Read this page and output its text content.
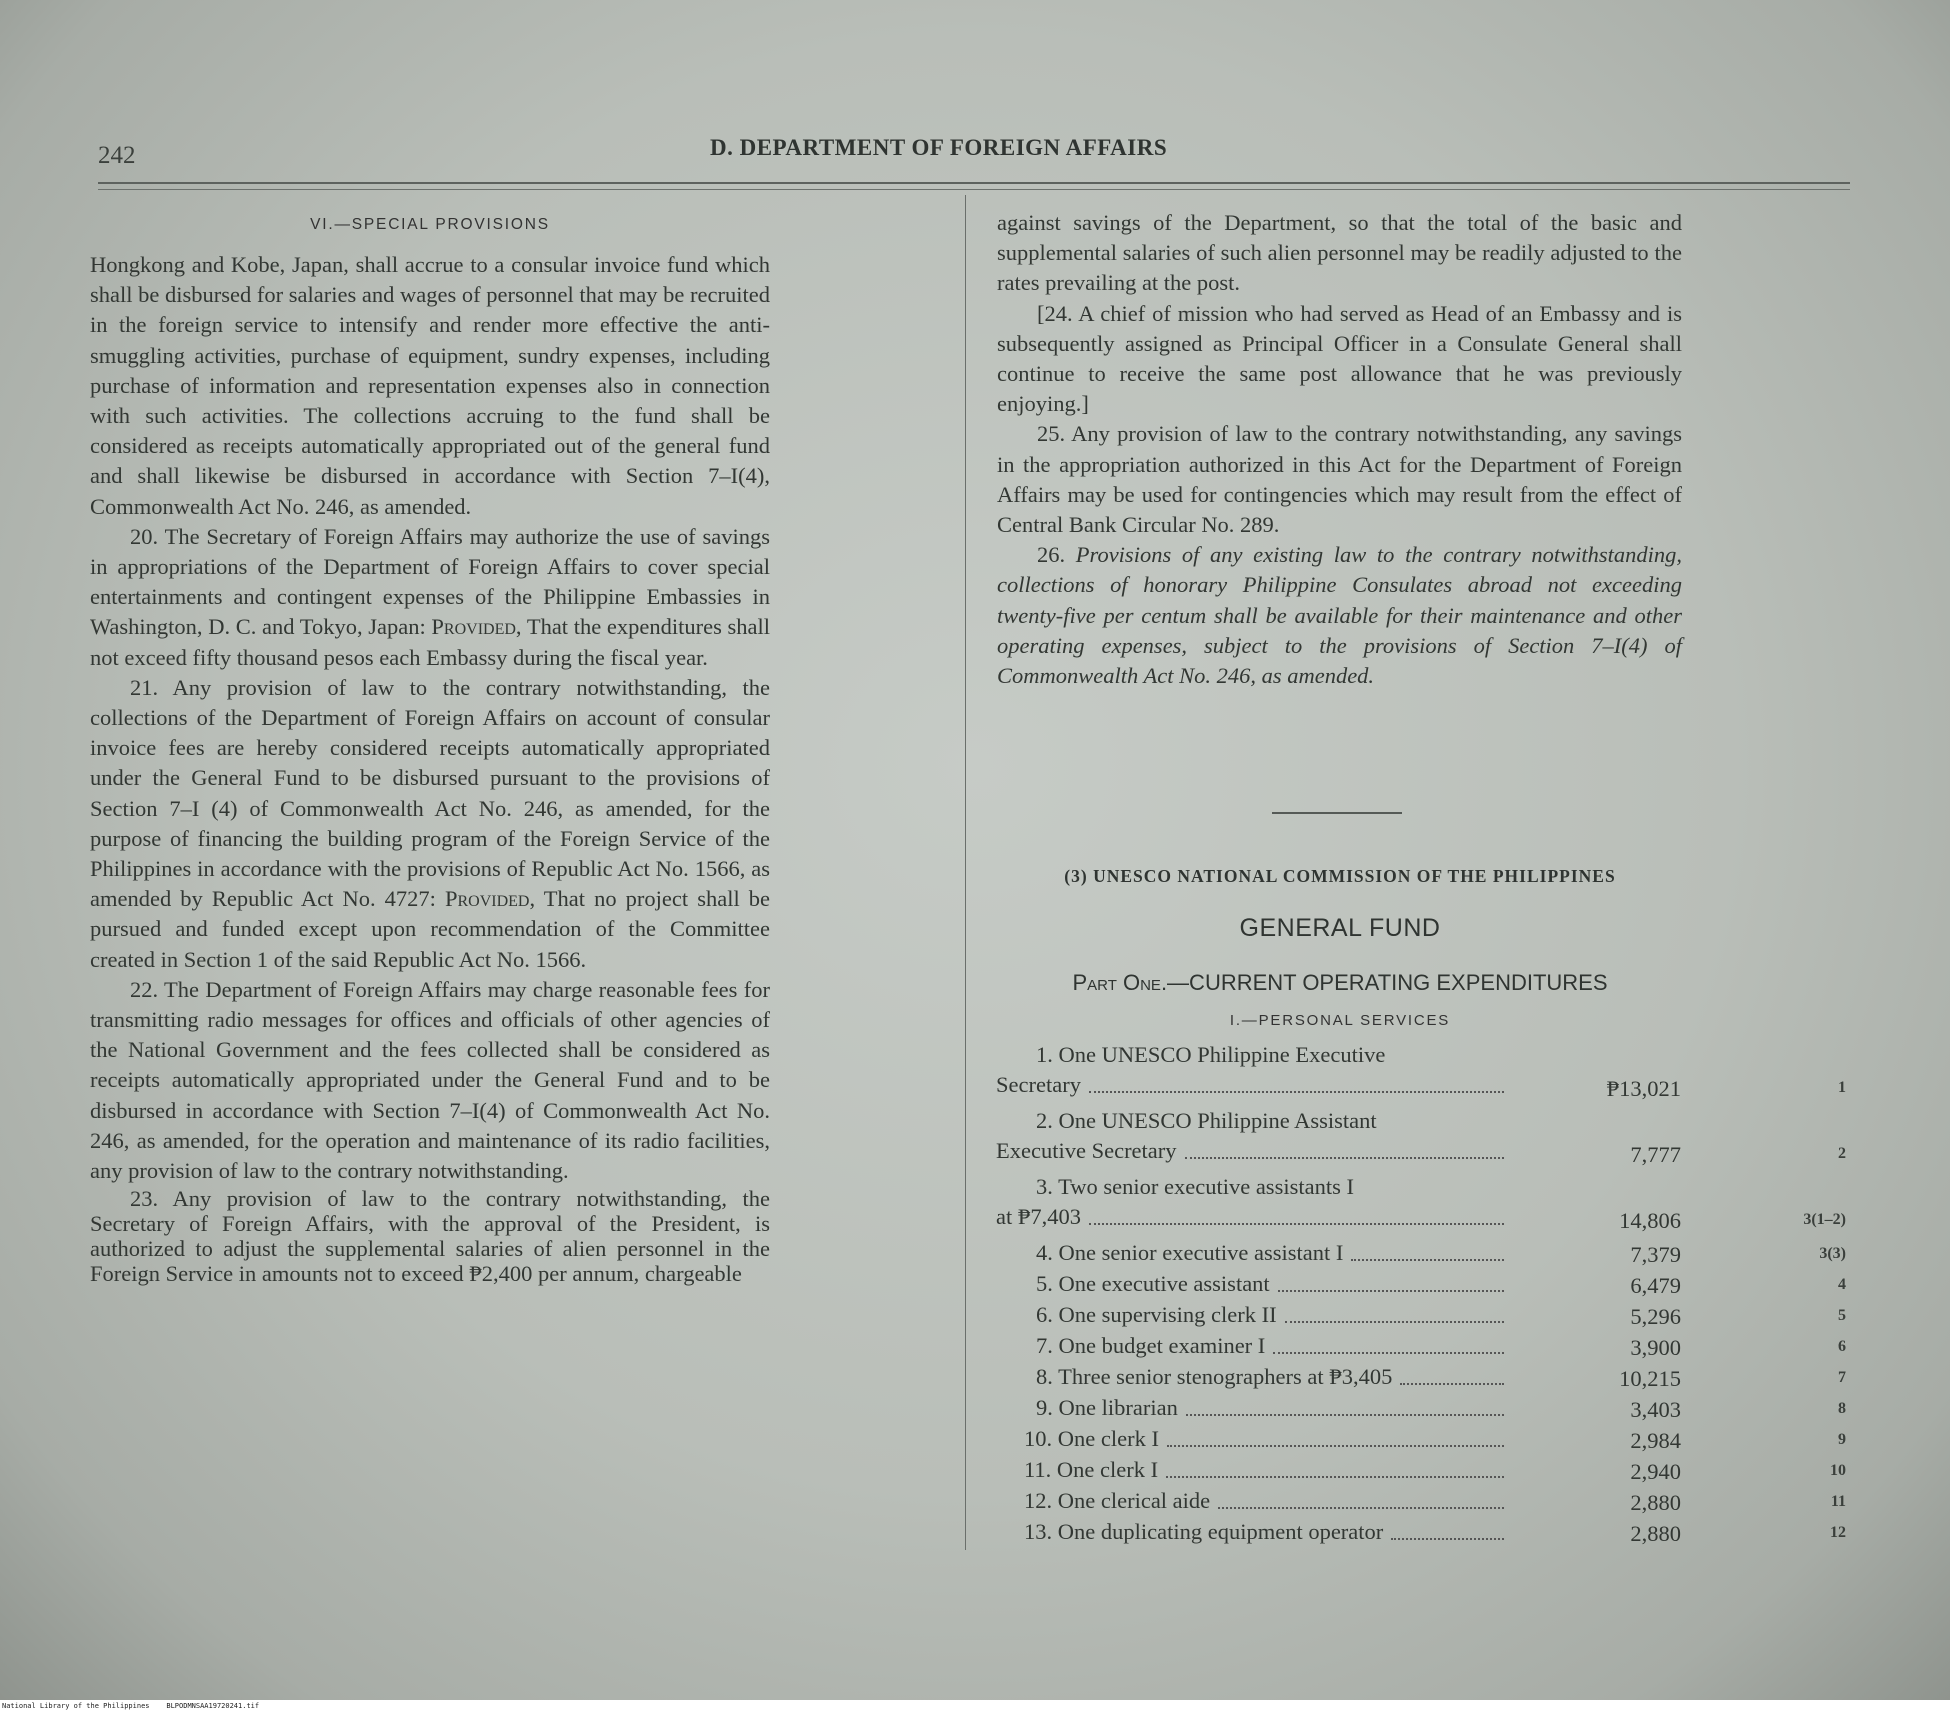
242	D. DEPARTMENT OF FOREIGN AFFAIRS
VI.—SPECIAL PROVISIONS

Hongkong and Kobe, Japan, shall accrue to a consular invoice fund which shall be disbursed for salaries and wages of personnel that may be recruited in the foreign service to intensify and render more effective the anti-smuggling activities, purchase of equipment, sundry expenses, including purchase of information and representation expenses also in connection with such activities. The collections accruing to the fund shall be considered as receipts automatically appropriated out of the general fund and shall likewise be disbursed in accordance with Section 7–I(4), Commonwealth Act No. 246, as amended.

20. The Secretary of Foreign Affairs may authorize the use of savings in appropriations of the Department of Foreign Affairs to cover special entertainments and contingent expenses of the Philippine Embassies in Washington, D. C. and Tokyo, Japan: Provided, That the expenditures shall not exceed fifty thousand pesos each Embassy during the fiscal year.

21. Any provision of law to the contrary notwithstanding, the collections of the Department of Foreign Affairs on account of consular invoice fees are hereby considered receipts automatically appropriated under the General Fund to be disbursed pursuant to the provisions of Section 7–I (4) of Commonwealth Act No. 246, as amended, for the purpose of financing the building program of the Foreign Service of the Philippines in accordance with the provisions of Republic Act No. 1566, as amended by Republic Act No. 4727: Provided, That no project shall be pursued and funded except upon recommendation of the Committee created in Section 1 of the said Republic Act No. 1566.

22. The Department of Foreign Affairs may charge reasonable fees for transmitting radio messages for offices and officials of other agencies of the National Government and the fees collected shall be considered as receipts automatically appropriated under the General Fund and to be disbursed in accordance with Section 7–I(4) of Commonwealth Act No. 246, as amended, for the operation and maintenance of its radio facilities, any provision of law to the contrary notwithstanding.

23. Any provision of law to the contrary notwithstanding, the Secretary of Foreign Affairs, with the approval of the President, is authorized to adjust the supplemental salaries of alien personnel in the Foreign Service in amounts not to exceed ₱2,400 per annum, chargeable

against savings of the Department, so that the total of the basic and supplemental salaries of such alien personnel may be readily adjusted to the rates prevailing at the post.

[24. A chief of mission who had served as Head of an Embassy and is subsequently assigned as Principal Officer in a Consulate General shall continue to receive the same post allowance that he was previously enjoying.]

25. Any provision of law to the contrary notwithstanding, any savings in the appropriation authorized in this Act for the Department of Foreign Affairs may be used for contingencies which may result from the effect of Central Bank Circular No. 289.

26. Provisions of any existing law to the contrary notwithstanding, collections of honorary Philippine Consulates abroad not exceeding twenty-five per centum shall be available for their maintenance and other operating expenses, subject to the provisions of Section 7–I(4) of Commonwealth Act No. 246, as amended.

(3) UNESCO NATIONAL COMMISSION OF THE PHILIPPINES
GENERAL FUND
Part One.—CURRENT OPERATING EXPENDITURES
I.—PERSONAL SERVICES
1. One UNESCO Philippine Executive
Secretary	₱13,021	1
2. One UNESCO Philippine Assistant
Executive Secretary	7,777	2
3. Two senior executive assistants I
at ₱7,403	14,806	3(1–2)
4. One senior executive assistant I	7,379	3(3)
5. One executive assistant	6,479	4
6. One supervising clerk II	5,296	5
7. One budget examiner I	3,900	6
8. Three senior stenographers at ₱3,405	10,215	7
9. One librarian	3,403	8
10. One clerk I	2,984	9
11. One clerk I	2,940	10
12. One clerical aide	2,880	11
13. One duplicating equipment operator	2,880	12
National Library of the Philippines BLPODMNSAA19720241.tif
